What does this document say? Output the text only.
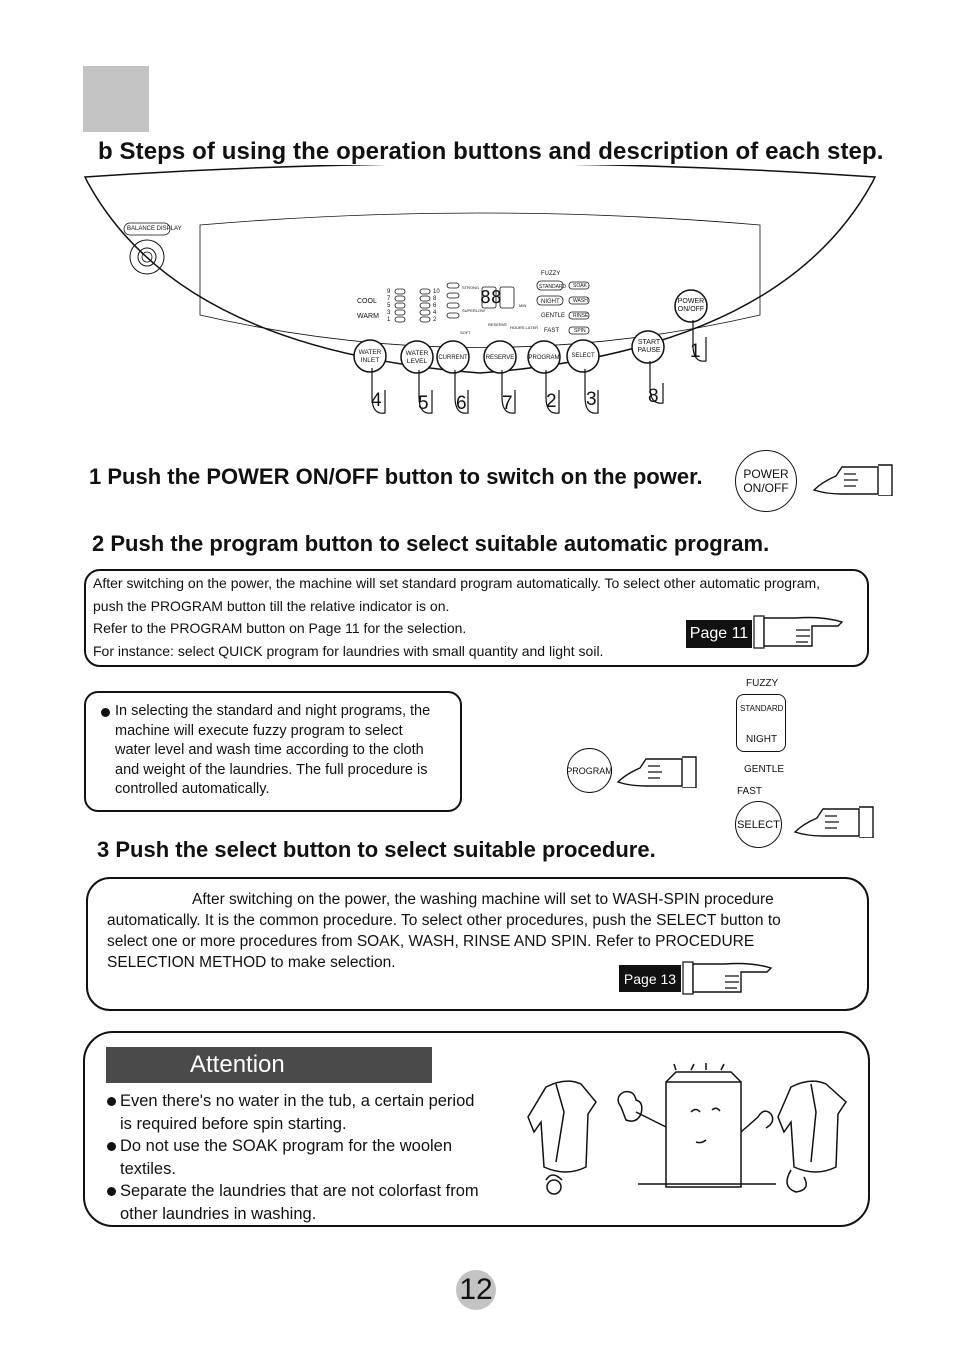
b Steps of using the operation buttons and description of each step.
BALANCE DISPLAY
COOL
WARM
9
7
5
3
1
10
8
6
4
2
STRONG
SUPERLOW
SOFT
RESERVE
HOURS LATER
MIN
FUZZY
STANDARD
NIGHT
GENTLE
FAST
SOAK
WASH
RINSE
SPIN
88
WATER INLET
WATER LEVEL	CURRENT	RESERVE PROGRAM	SELECT
START PAUSE
POWER ON/OFF
4 5 6 7 2 3	8
1
1 Push the POWER ON/OFF button to switch on the power.	POWER
ON/OFF
2 Push the program button to select suitable automatic program.
After switching on the power, the machine will set standard program automatically. To select other automatic program,
push the PROGRAM button till the relative indicator is on.
Refer to the PROGRAM button on Page 11 for the selection.
For instance: select QUICK program for laundries with small quantity and light soil.
Page 11
In selecting the standard and night programs, the
machine will execute fuzzy program to select
water level and wash time according to the cloth
and weight of the laundries. The full procedure is
controlled automatically.
PROGRAM
FUZZY
STANDARD
NIGHT
GENTLE
FAST
SELECT
3 Push the select button to select suitable procedure.
After switching on the power, the washing machine will set to WASH-SPIN procedure
automatically. It is the common procedure. To select other procedures, push the SELECT button to
select one or more procedures from SOAK, WASH, RINSE AND SPIN. Refer to PROCEDURE
SELECTION METHOD to make selection.
Page 13
Attention
Even there's no water in the tub, a certain period
is required before spin starting.
Do not use the SOAK program for the woolen
textiles.
Separate the laundries that are not colorfast from
other laundries in washing.
12
